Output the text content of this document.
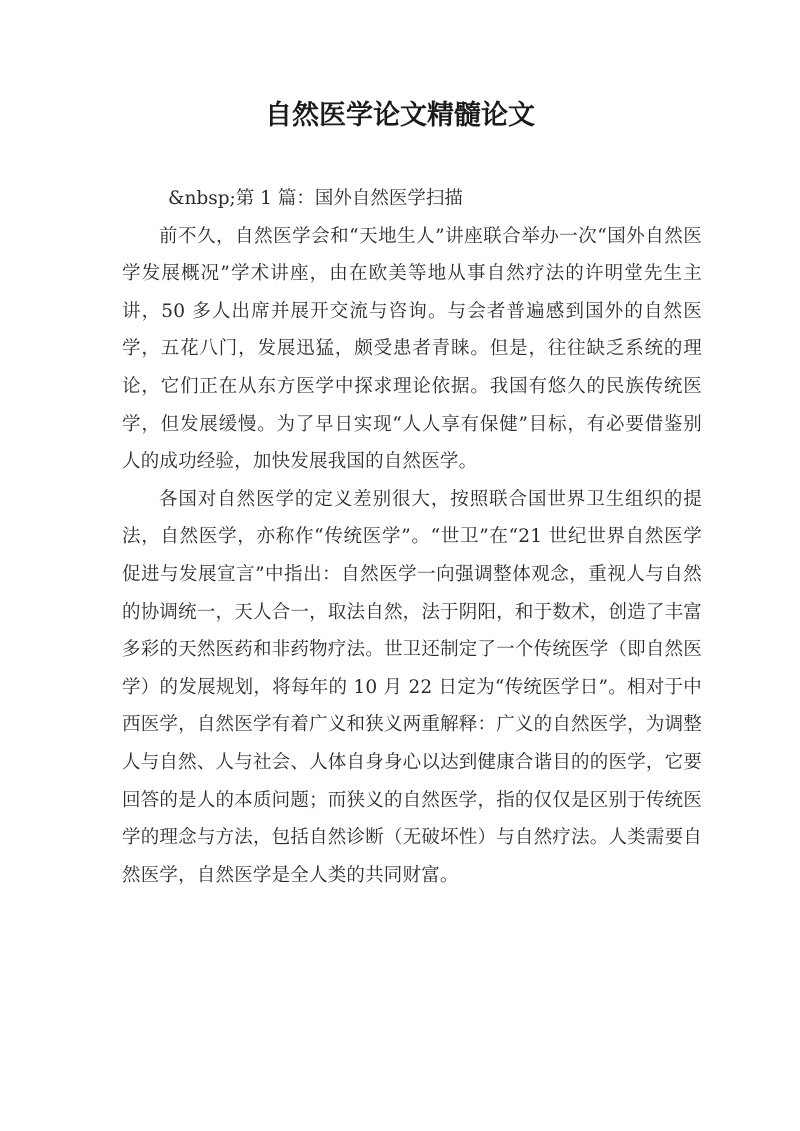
自然医学论文精髓论文

&nbsp;第 1 篇：国外自然医学扫描

前不久，自然医学会和“天地生人”讲座联合举办一次“国外自然医学发展概况”学术讲座，由在欧美等地从事自然疗法的许明堂先生主讲，50 多人出席并展开交流与咨询。与会者普遍感到国外的自然医学，五花八门，发展迅猛，颇受患者青睐。但是，往往缺乏系统的理论，它们正在从东方医学中探求理论依据。我国有悠久的民族传统医学，但发展缓慢。为了早日实现“人人享有保健”目标，有必要借鉴别人的成功经验，加快发展我国的自然医学。

各国对自然医学的定义差别很大，按照联合国世界卫生组织的提法，自然医学，亦称作“传统医学”。“世卫”在“21 世纪世界自然医学促进与发展宣言”中指出：自然医学一向强调整体观念，重视人与自然的协调统一，天人合一，取法自然，法于阴阳，和于数术，创造了丰富多彩的天然医药和非药物疗法。世卫还制定了一个传统医学（即自然医学）的发展规划，将每年的 10 月 22 日定为“传统医学日”。相对于中西医学，自然医学有着广义和狭义两重解释：广义的自然医学，为调整人与自然、人与社会、人体自身身心以达到健康合谐目的的医学，它要回答的是人的本质问题；而狭义的自然医学，指的仅仅是区别于传统医学的理念与方法，包括自然诊断（无破坏性）与自然疗法。人类需要自然医学，自然医学是全人类的共同财富。
